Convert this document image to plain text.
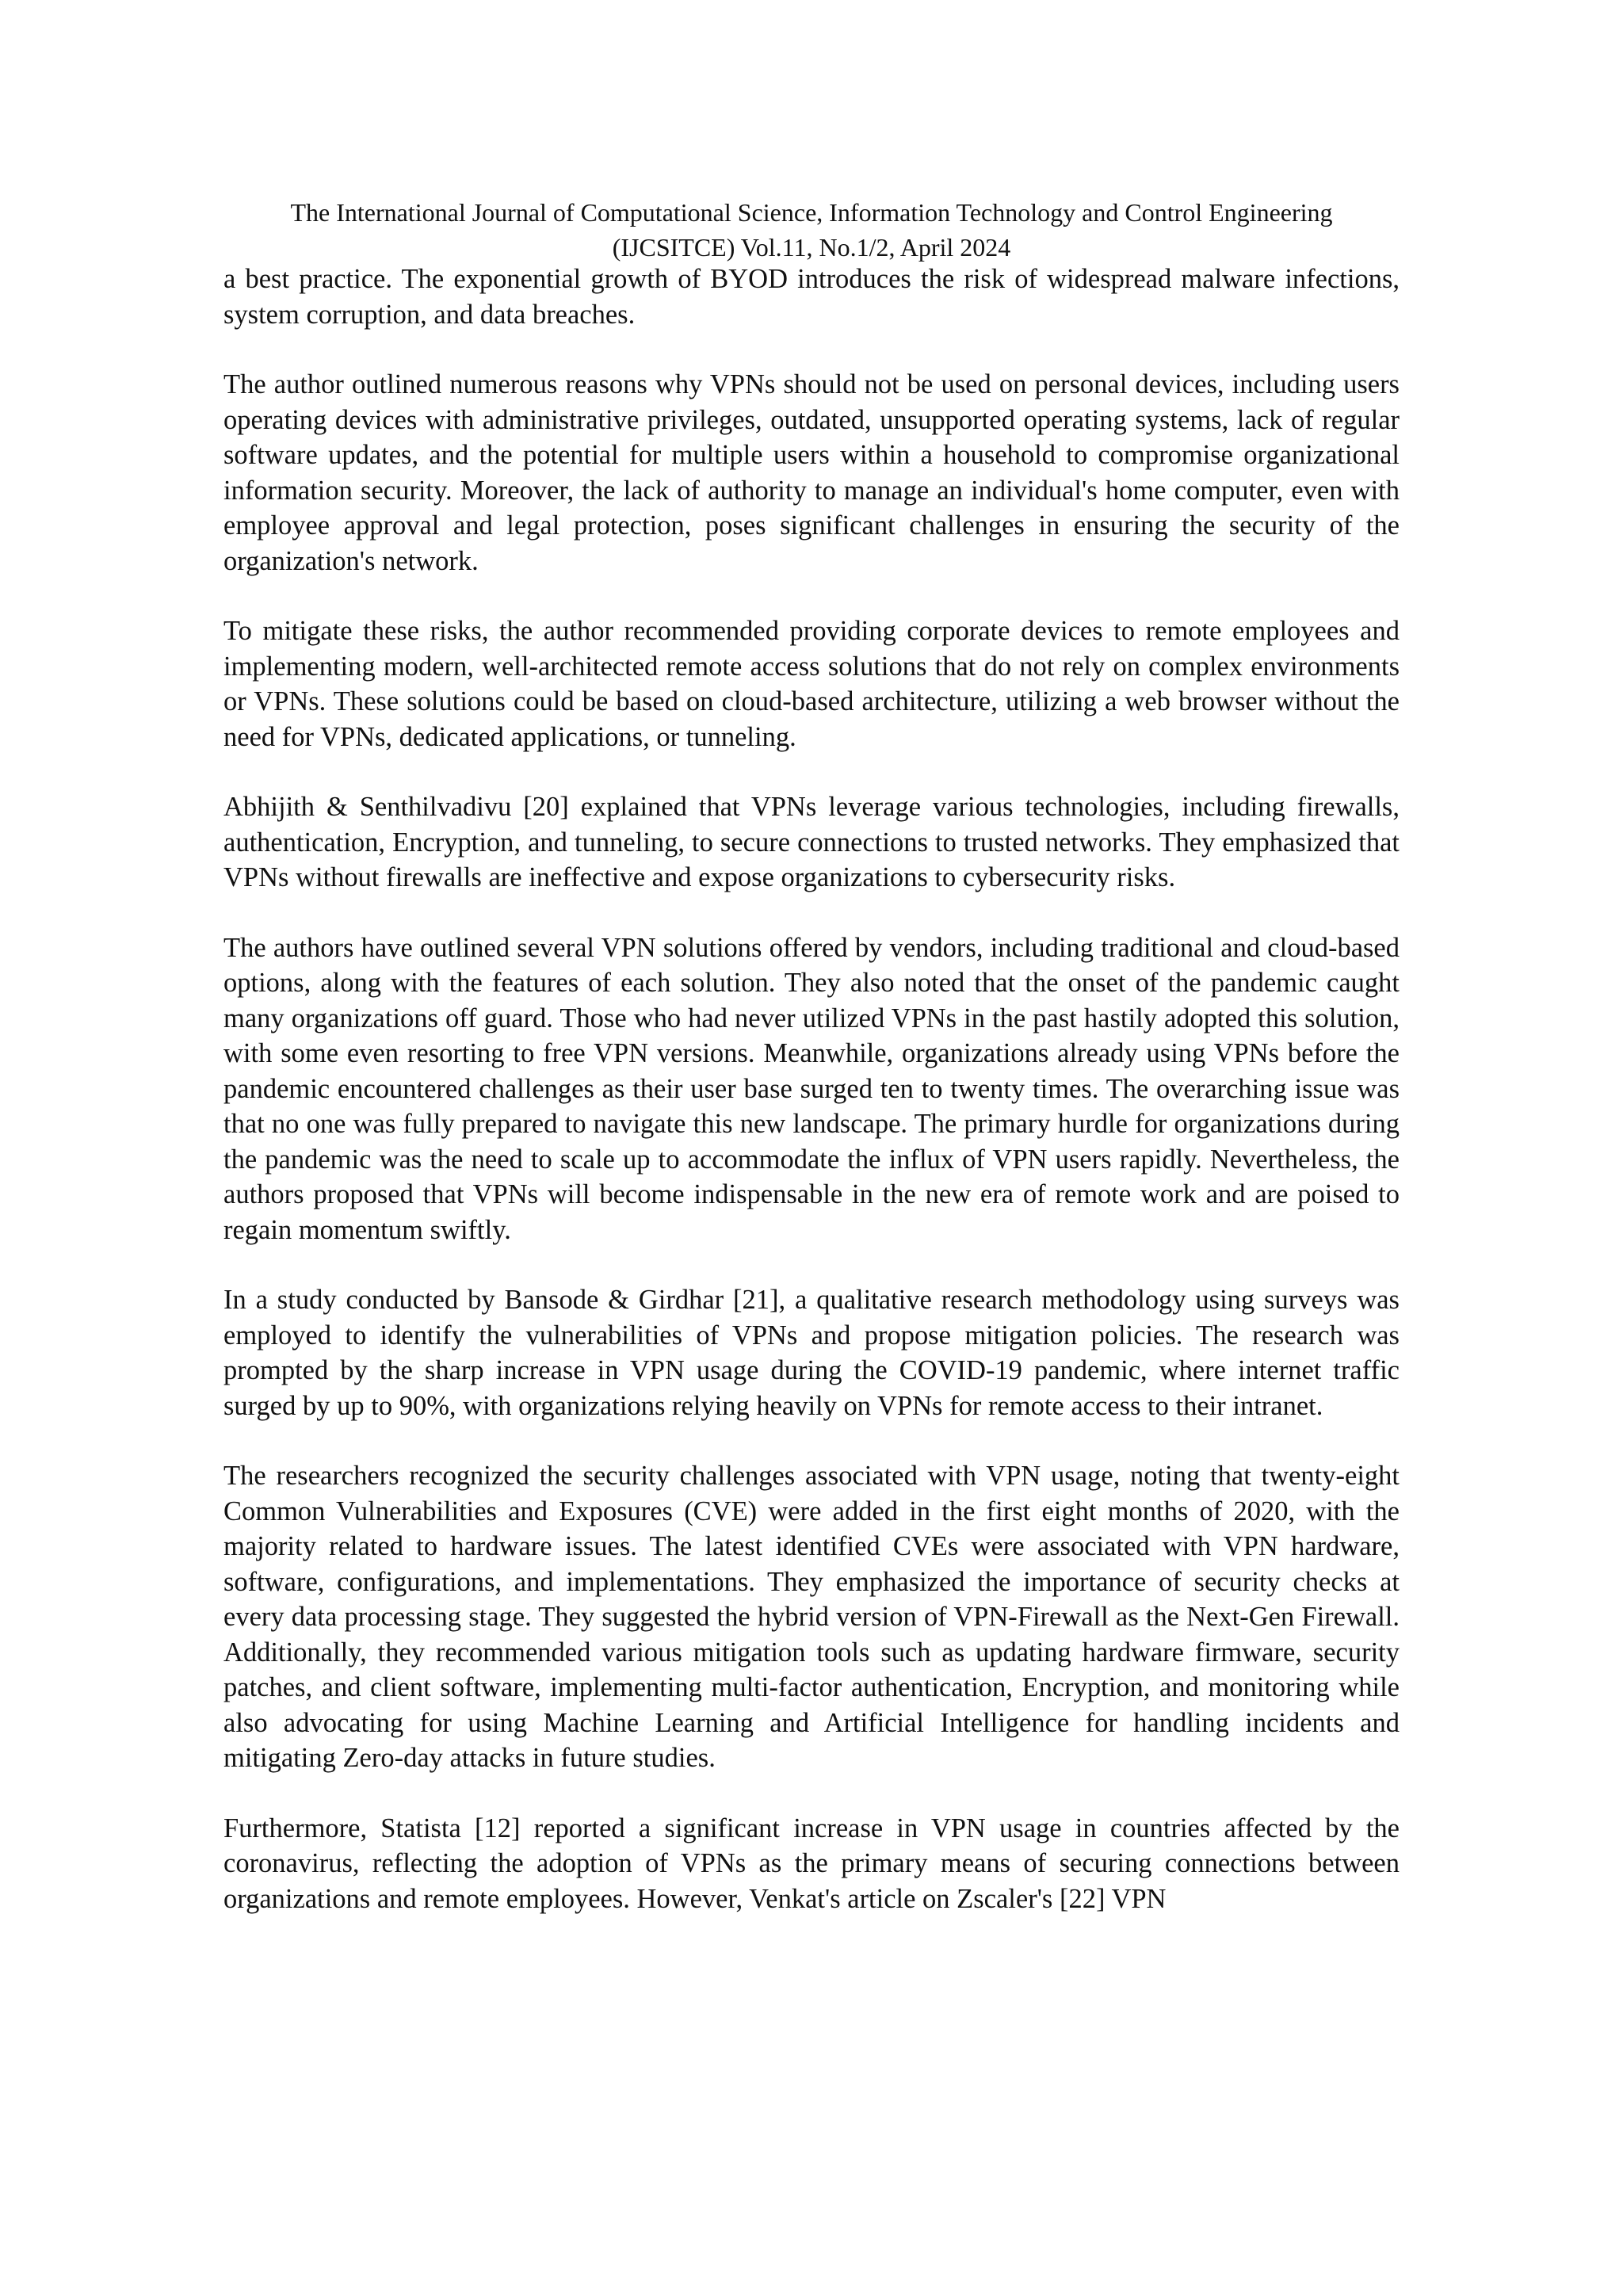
The International Journal of Computational Science, Information Technology and Control Engineering
(IJCSITCE) Vol.11, No.1/2, April 2024

a best practice. The exponential growth of BYOD introduces the risk of widespread malware infections, system corruption, and data breaches.

The author outlined numerous reasons why VPNs should not be used on personal devices, including users operating devices with administrative privileges, outdated, unsupported operating systems, lack of regular software updates, and the potential for multiple users within a household to compromise organizational information security. Moreover, the lack of authority to manage an individual's home computer, even with employee approval and legal protection, poses significant challenges in ensuring the security of the organization's network.

To mitigate these risks, the author recommended providing corporate devices to remote employees and implementing modern, well-architected remote access solutions that do not rely on complex environments or VPNs. These solutions could be based on cloud-based architecture, utilizing a web browser without the need for VPNs, dedicated applications, or tunneling.

Abhijith & Senthilvadivu [20] explained that VPNs leverage various technologies, including firewalls, authentication, Encryption, and tunneling, to secure connections to trusted networks. They emphasized that VPNs without firewalls are ineffective and expose organizations to cybersecurity risks.

The authors have outlined several VPN solutions offered by vendors, including traditional and cloud-based options, along with the features of each solution. They also noted that the onset of the pandemic caught many organizations off guard. Those who had never utilized VPNs in the past hastily adopted this solution, with some even resorting to free VPN versions. Meanwhile, organizations already using VPNs before the pandemic encountered challenges as their user base surged ten to twenty times. The overarching issue was that no one was fully prepared to navigate this new landscape. The primary hurdle for organizations during the pandemic was the need to scale up to accommodate the influx of VPN users rapidly. Nevertheless, the authors proposed that VPNs will become indispensable in the new era of remote work and are poised to regain momentum swiftly.

In a study conducted by Bansode & Girdhar [21], a qualitative research methodology using surveys was employed to identify the vulnerabilities of VPNs and propose mitigation policies. The research was prompted by the sharp increase in VPN usage during the COVID-19 pandemic, where internet traffic surged by up to 90%, with organizations relying heavily on VPNs for remote access to their intranet.

The researchers recognized the security challenges associated with VPN usage, noting that twenty-eight Common Vulnerabilities and Exposures (CVE) were added in the first eight months of 2020, with the majority related to hardware issues. The latest identified CVEs were associated with VPN hardware, software, configurations, and implementations. They emphasized the importance of security checks at every data processing stage. They suggested the hybrid version of VPN-Firewall as the Next-Gen Firewall. Additionally, they recommended various mitigation tools such as updating hardware firmware, security patches, and client software, implementing multi-factor authentication, Encryption, and monitoring while also advocating for using Machine Learning and Artificial Intelligence for handling incidents and mitigating Zero-day attacks in future studies.

Furthermore, Statista [12] reported a significant increase in VPN usage in countries affected by the coronavirus, reflecting the adoption of VPNs as the primary means of securing connections between organizations and remote employees. However, Venkat's article on Zscaler's [22] VPN
